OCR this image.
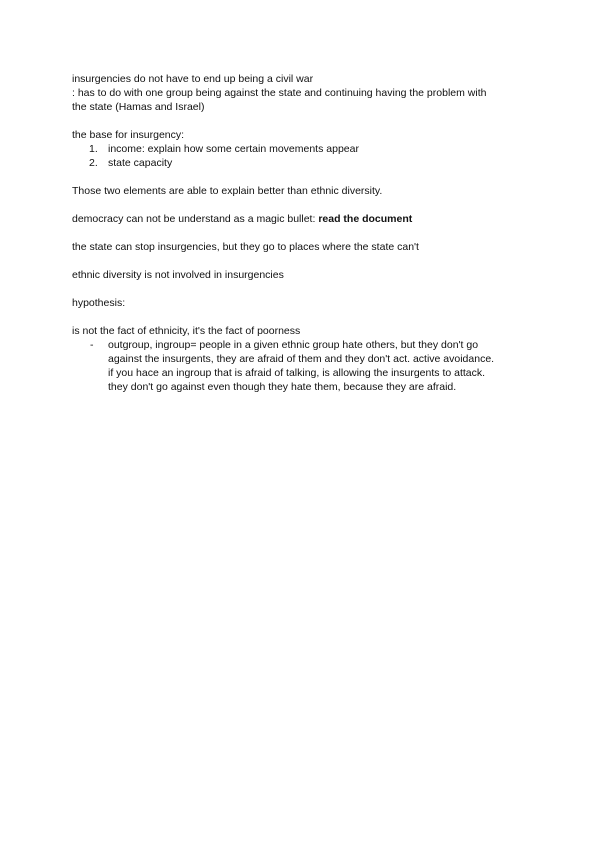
insurgencies do not have to end up being a civil war

: has to do with one group being against the state and continuing having the problem with

the state (Hamas and Israel)

the base for insurgency:

1. income: explain how some certain movements appear
2. state capacity

Those two elements are able to explain better than ethnic diversity.

democracy can not be understand as a magic bullet: read the document

the state can stop insurgencies, but they go to places where the state can't

ethnic diversity is not involved in insurgencies

hypothesis:

is not the fact of ethnicity, it's the fact of poorness

- outgroup, ingroup= people in a given ethnic group hate others, but they don't go

against the insurgents, they are afraid of them and they don't act. active avoidance.

if you hace an ingroup that is afraid of talking, is allowing the insurgents to attack.

they don't go against even though they hate them, because they are afraid.
